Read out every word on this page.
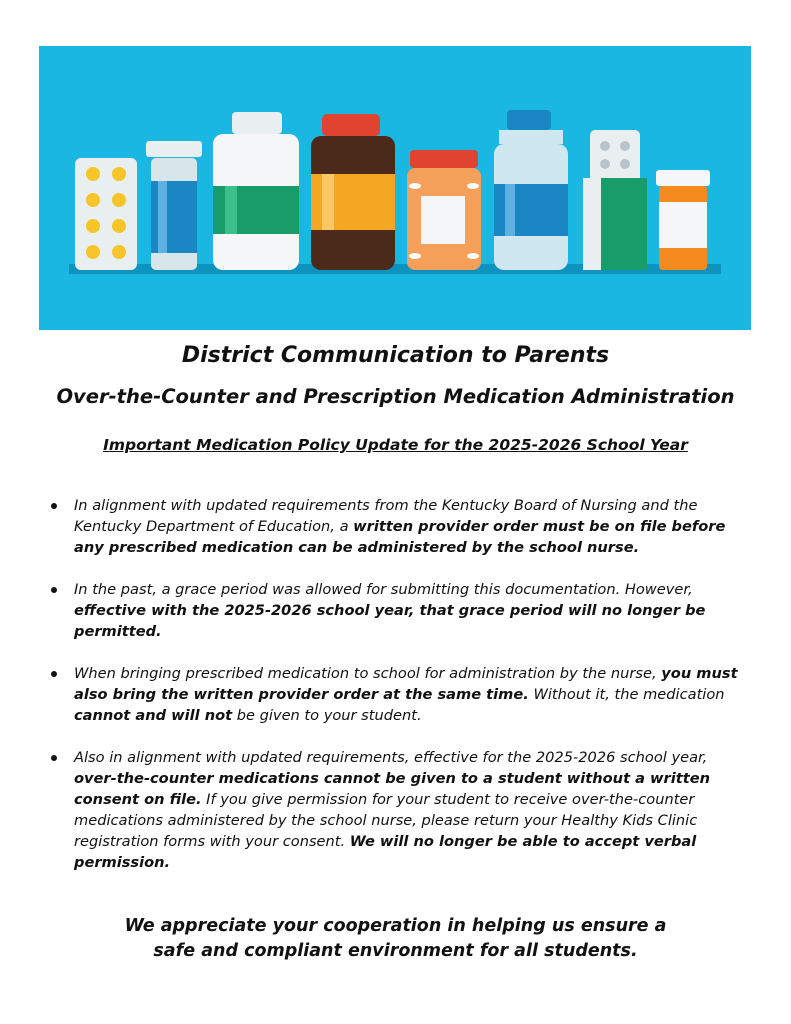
District Communication to Parents
Over-the-Counter and Prescription Medication Administration
Important Medication Policy Update for the 2025-2026 School Year
In alignment with updated requirements from the Kentucky Board of Nursing and the Kentucky Department of Education, a written provider order must be on file before any prescribed medication can be administered by the school nurse.
In the past, a grace period was allowed for submitting this documentation. However, effective with the 2025-2026 school year, that grace period will no longer be permitted.
When bringing prescribed medication to school for administration by the nurse, you must also bring the written provider order at the same time. Without it, the medication cannot and will not be given to your student.
Also in alignment with updated requirements, effective for the 2025-2026 school year, over-the-counter medications cannot be given to a student without a written consent on file. If you give permission for your student to receive over-the-counter medications administered by the school nurse, please return your Healthy Kids Clinic registration forms with your consent. We will no longer be able to accept verbal permission.
We appreciate your cooperation in helping us ensure a
safe and compliant environment for all students.
